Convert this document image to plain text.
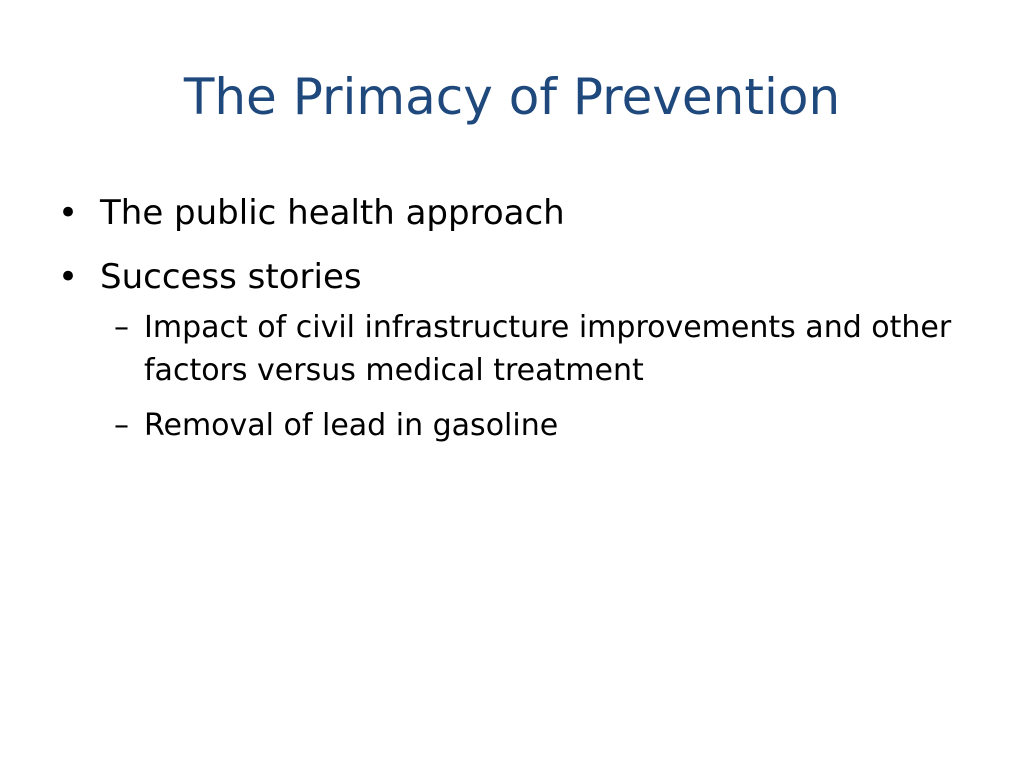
The Primacy of Prevention
• The public health approach
• Success stories
– Impact of civil infrastructure improvements and other factors versus medical treatment
– Removal of lead in gasoline
